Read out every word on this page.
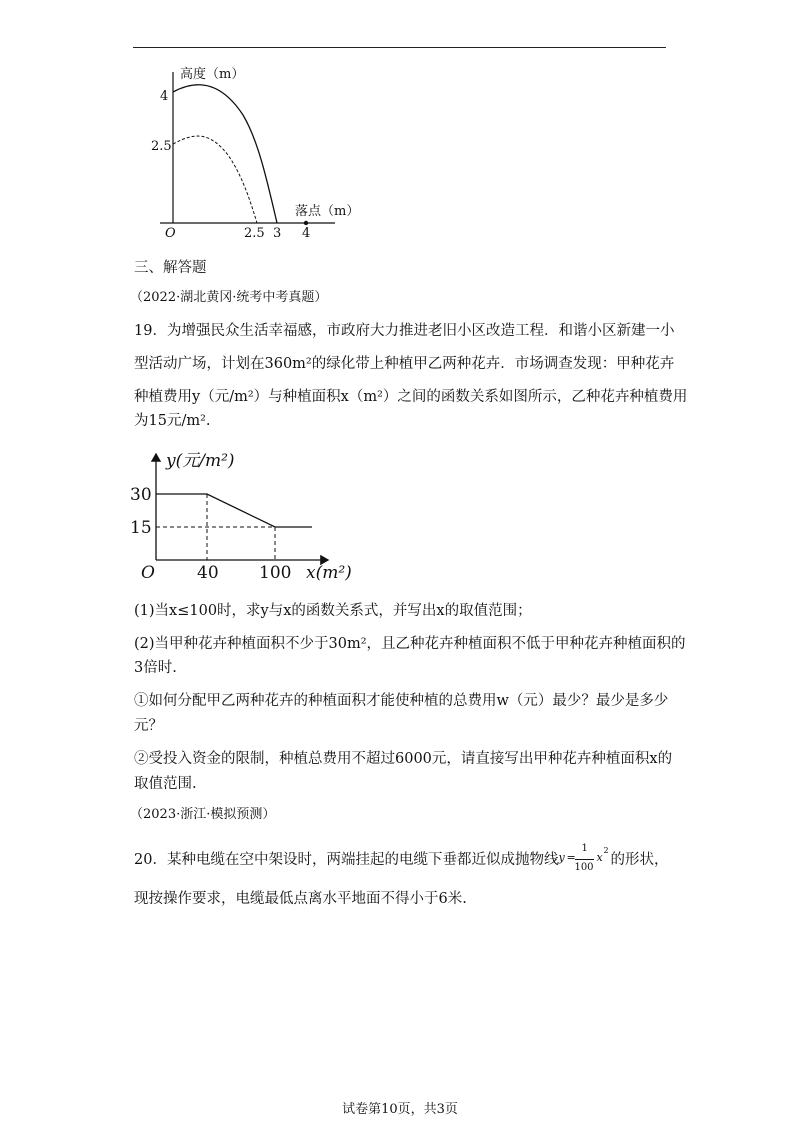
高度（m）
落点（m）
O
4
2.5
2.5 3 4
三、解答题
（2022·湖北黄冈·统考中考真题）
19．为增强民众生活幸福感，市政府大力推进老旧小区改造工程．和谐小区新建一小
型活动广场，计划在360m²的绿化带上种植甲乙两种花卉．市场调查发现：甲种花卉
种植费用y（元/m²）与种植面积x（m²）之间的函数关系如图所示，乙种花卉种植费用
为15元/m².
y(元/m²)
x(m²)
O
30
15
40 100
(1)当x≤100时，求y与x的函数关系式，并写出x的取值范围；
(2)当甲种花卉种植面积不少于30m²，且乙种花卉种植面积不低于甲种花卉种植面积的
3倍时.
①如何分配甲乙两种花卉的种植面积才能使种植的总费用w（元）最少？最少是多少
元？
②受投入资金的限制，种植总费用不超过6000元，请直接写出甲种花卉种植面积x的
取值范围.
（2023·浙江·模拟预测）
20．某种电缆在空中架设时，两端挂起的电缆下垂都近似成抛物线 y =
1
100
x
2
的形状，
现按操作要求，电缆最低点离水平地面不得小于6米.
试卷第10页，共3页
